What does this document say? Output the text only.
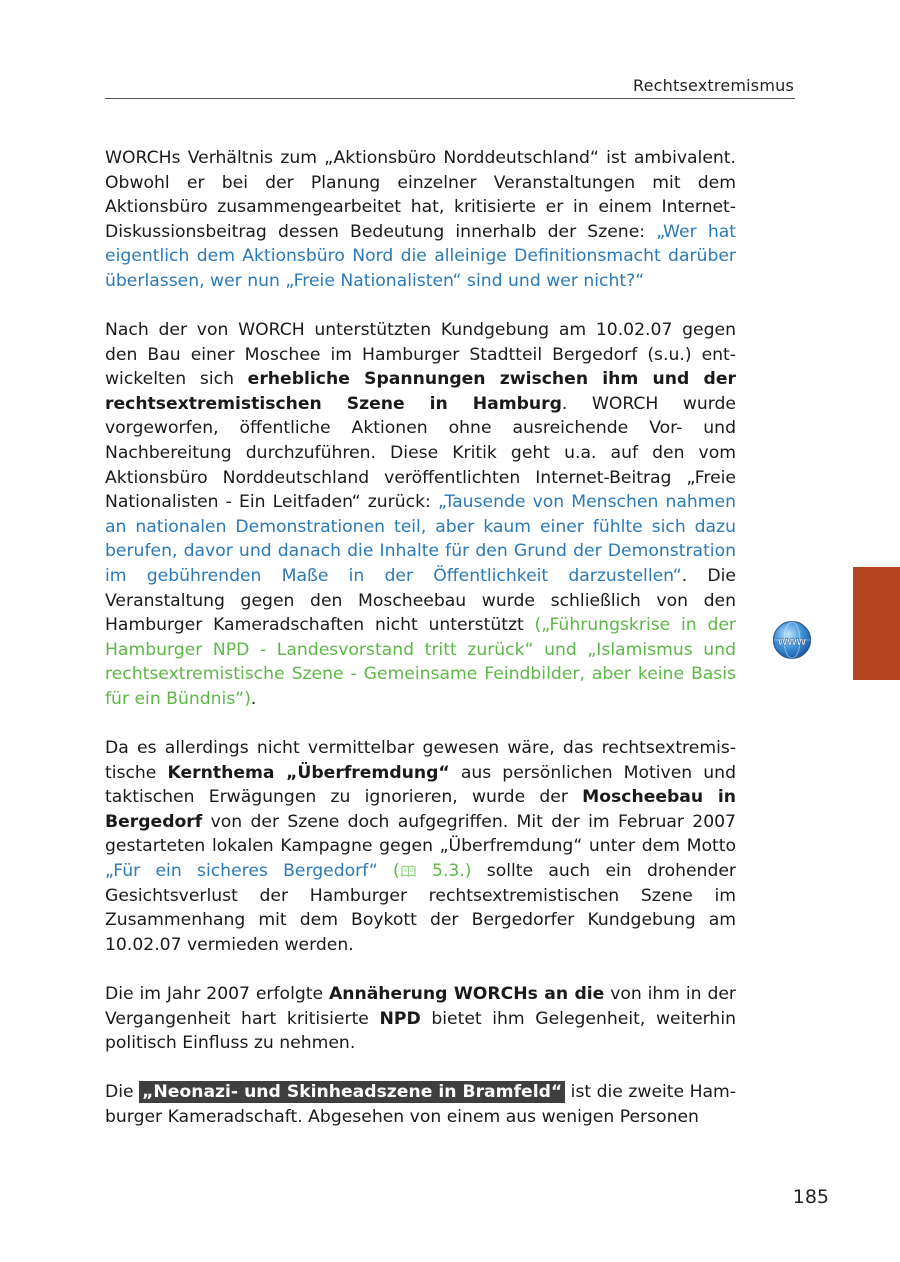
Rechtsextremismus

WORCHs Verhältnis zum „Aktionsbüro Norddeutschland“ ist ambivalent. Obwohl er bei der Planung einzelner Veranstaltungen mit dem Aktionsbüro zusammengearbeitet hat, kritisierte er in einem Internet-Diskussionsbeitrag dessen Bedeutung innerhalb der Szene: „Wer hat eigentlich dem Aktionsbüro Nord die alleinige Definitionsmacht darüber überlassen, wer nun „Freie Nationalisten“ sind und wer nicht?“

Nach der von WORCH unterstützten Kundgebung am 10.02.07 gegen den Bau einer Moschee im Hamburger Stadtteil Bergedorf (s.u.) entwickelten sich erhebliche Spannungen zwischen ihm und der rechtsextremistischen Szene in Hamburg. WORCH wurde vorgeworfen, öffentliche Aktionen ohne ausreichende Vor- und Nachbereitung durchzuführen. Diese Kritik geht u.a. auf den vom Aktionsbüro Norddeutschland veröffentlichten Internet-Beitrag „Freie Nationalisten - Ein Leitfaden“ zurück: „Tausende von Menschen nahmen an nationalen Demonstrationen teil, aber kaum einer fühlte sich dazu berufen, davor und danach die Inhalte für den Grund der Demonstration im gebührenden Maße in der Öffentlichkeit darzustellen“. Die Veranstaltung gegen den Moscheebau wurde schließlich von den Hamburger Kameradschaften nicht unterstützt („Führungskrise in der Hamburger NPD - Landesvorstand tritt zurück“ und „Islamismus und rechtsextremistische Szene - Gemeinsame Feindbilder, aber keine Basis für ein Bündnis“).

Da es allerdings nicht vermittelbar gewesen wäre, das rechtsextremistische Kernthema „Überfremdung“ aus persönlichen Motiven und taktischen Erwägungen zu ignorieren, wurde der Moscheebau in Bergedorf von der Szene doch aufgegriffen. Mit der im Februar 2007 gestarteten lokalen Kampagne gegen „Überfremdung“ unter dem Motto „Für ein sicheres Bergedorf“ ( 5.3.) sollte auch ein drohender Gesichtsverlust der Hamburger rechtsextremistischen Szene im Zusammenhang mit dem Boykott der Bergedorfer Kundgebung am 10.02.07 vermieden werden.

Die im Jahr 2007 erfolgte Annäherung WORCHs an die von ihm in der Vergangenheit hart kritisierte NPD bietet ihm Gelegenheit, weiterhin politisch Einfluss zu nehmen.

Die „Neonazi- und Skinheadszene in Bramfeld“ ist die zweite Hamburger Kameradschaft. Abgesehen von einem aus wenigen Personen

www
185
